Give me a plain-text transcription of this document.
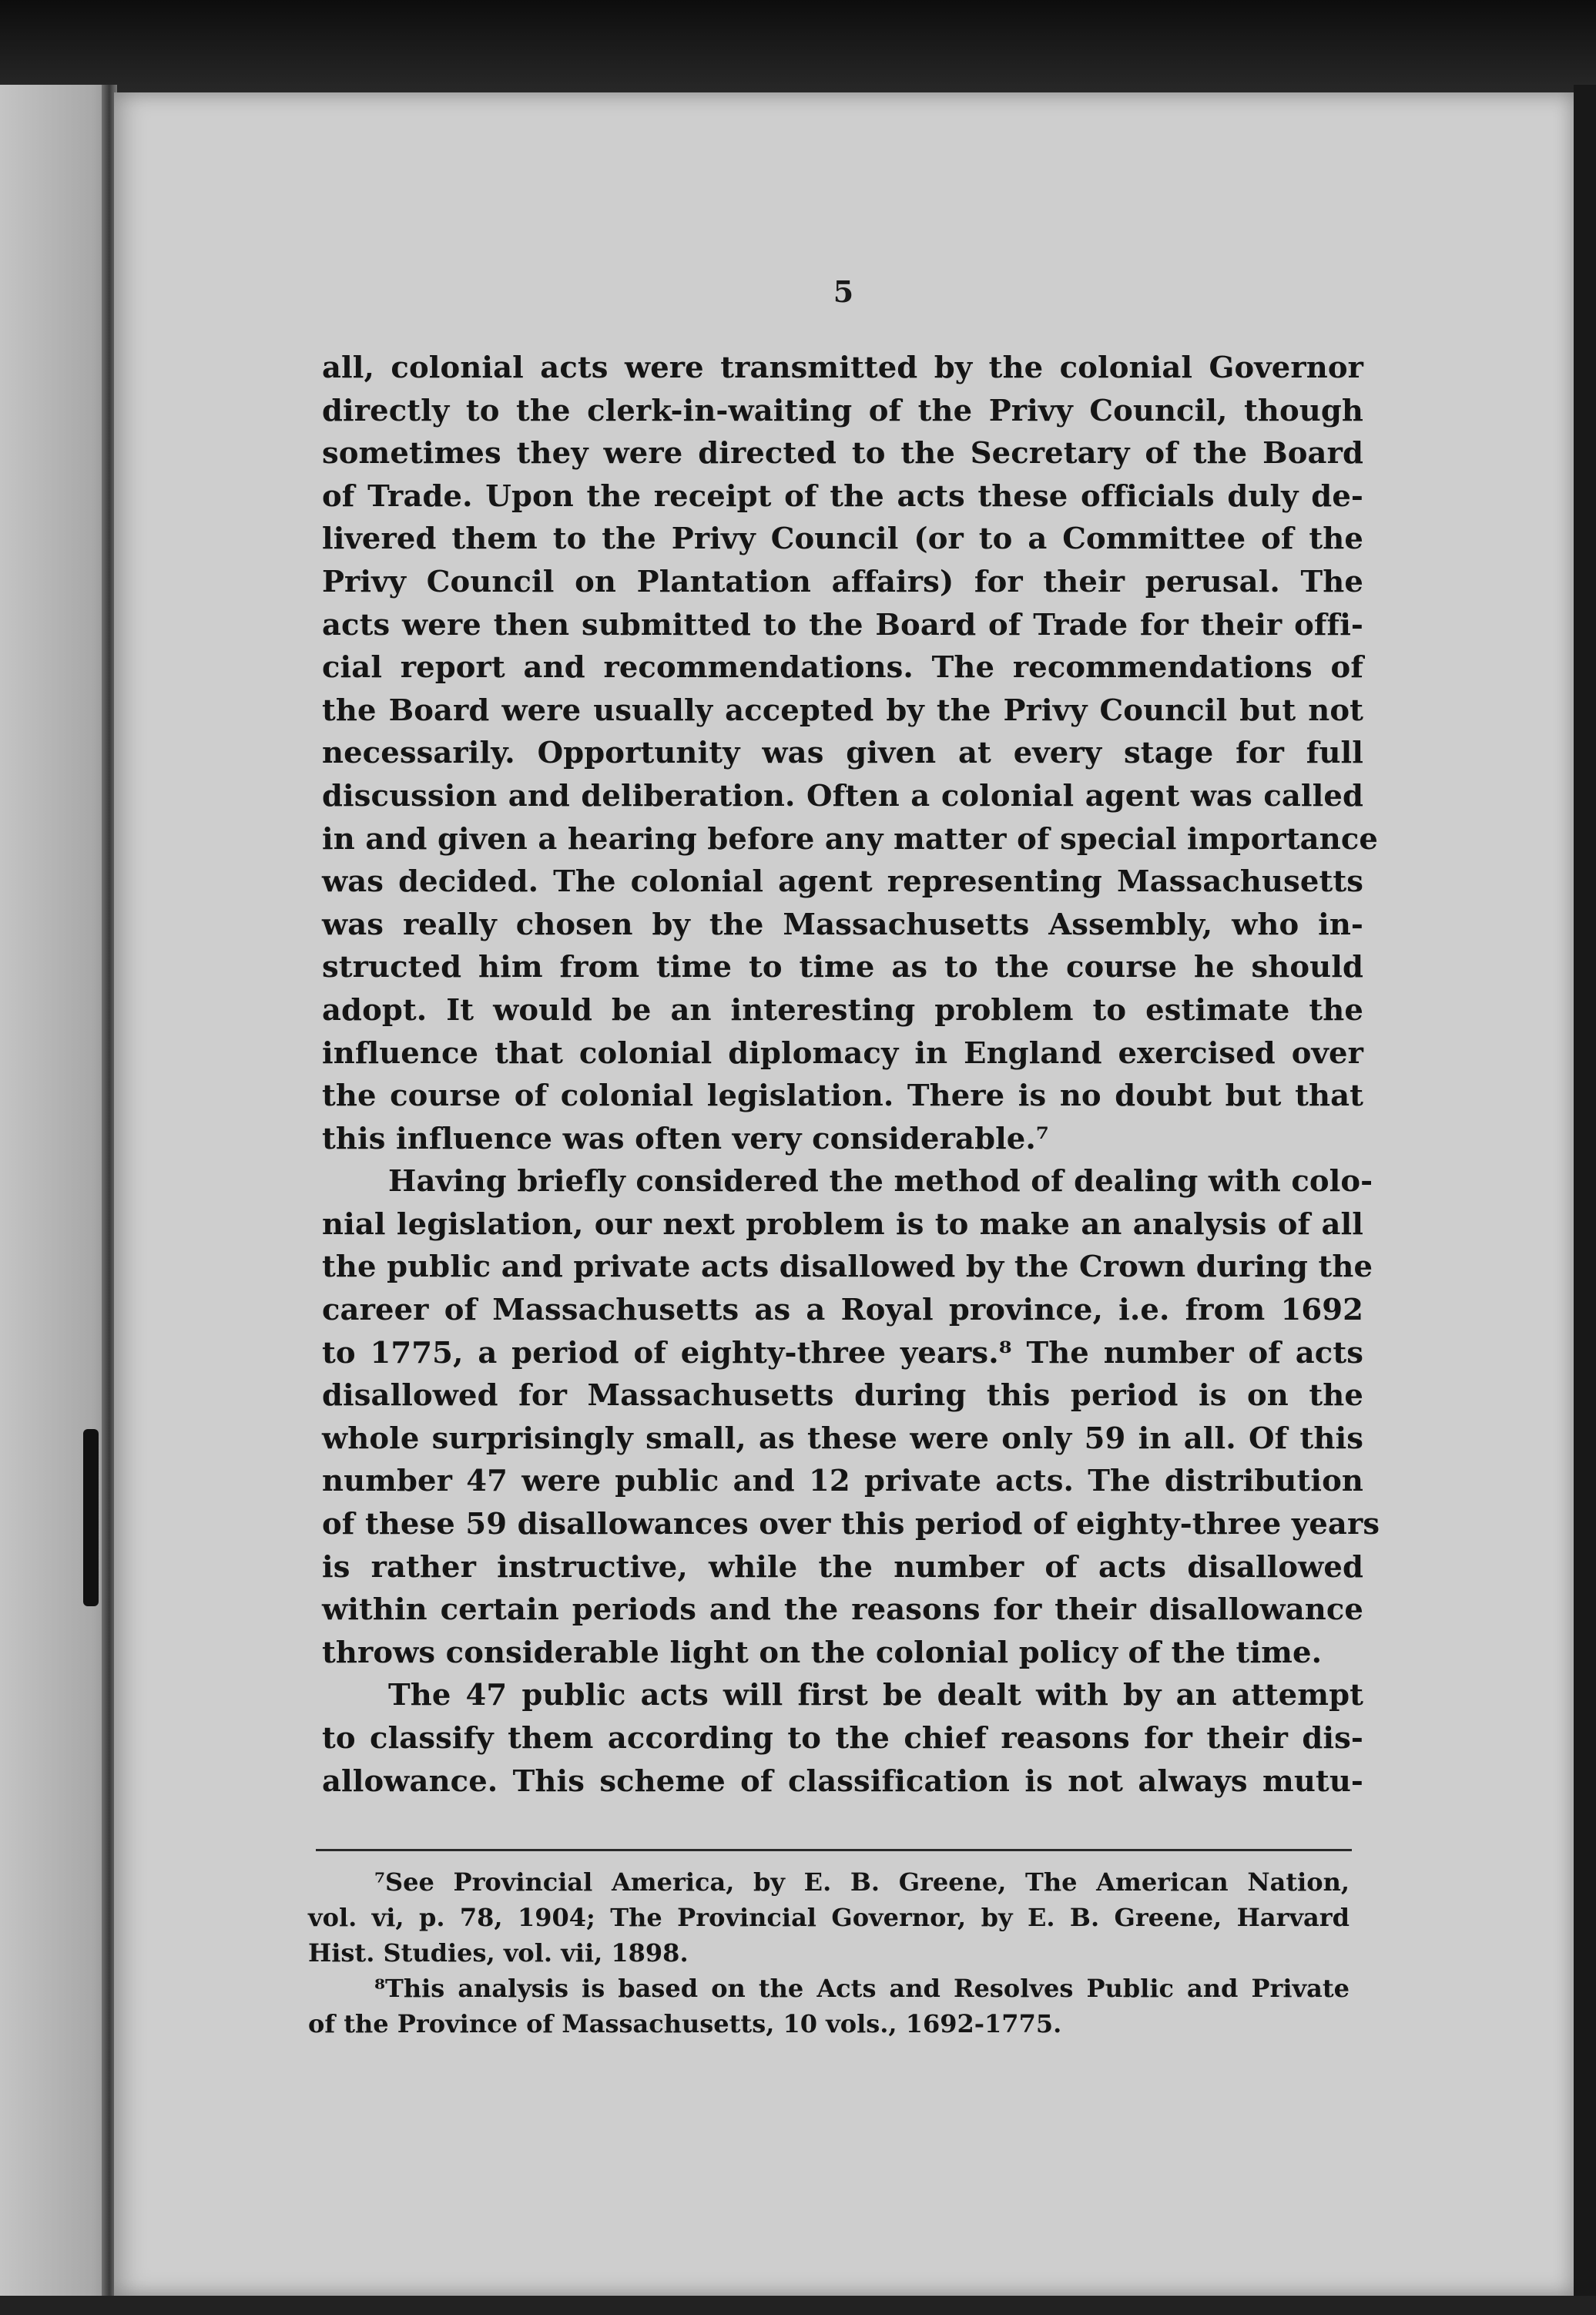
5
all, colonial acts were transmitted by the colonial Governor
directly to the clerk-in-waiting of the Privy Council, though
sometimes they were directed to the Secretary of the Board
of Trade. Upon the receipt of the acts these officials duly de-
livered them to the Privy Council (or to a Committee of the
Privy Council on Plantation affairs) for their perusal. The
acts were then submitted to the Board of Trade for their offi-
cial report and recommendations. The recommendations of
the Board were usually accepted by the Privy Council but not
necessarily. Opportunity was given at every stage for full
discussion and deliberation. Often a colonial agent was called
in and given a hearing before any matter of special importance
was decided. The colonial agent representing Massachusetts
was really chosen by the Massachusetts Assembly, who in-
structed him from time to time as to the course he should
adopt. It would be an interesting problem to estimate the
influence that colonial diplomacy in England exercised over
the course of colonial legislation. There is no doubt but that
this influence was often very considerable.⁷
Having briefly considered the method of dealing with colo-
nial legislation, our next problem is to make an analysis of all
the public and private acts disallowed by the Crown during the
career of Massachusetts as a Royal province, i.e. from 1692
to 1775, a period of eighty-three years.⁸ The number of acts
disallowed for Massachusetts during this period is on the
whole surprisingly small, as these were only 59 in all. Of this
number 47 were public and 12 private acts. The distribution
of these 59 disallowances over this period of eighty-three years
is rather instructive, while the number of acts disallowed
within certain periods and the reasons for their disallowance
throws considerable light on the colonial policy of the time.
The 47 public acts will first be dealt with by an attempt
to classify them according to the chief reasons for their dis-
allowance. This scheme of classification is not always mutu-
⁷See Provincial America, by E. B. Greene, The American Nation,
vol. vi, p. 78, 1904; The Provincial Governor, by E. B. Greene, Harvard
Hist. Studies, vol. vii, 1898.
⁸This analysis is based on the Acts and Resolves Public and Private
of the Province of Massachusetts, 10 vols., 1692-1775.
